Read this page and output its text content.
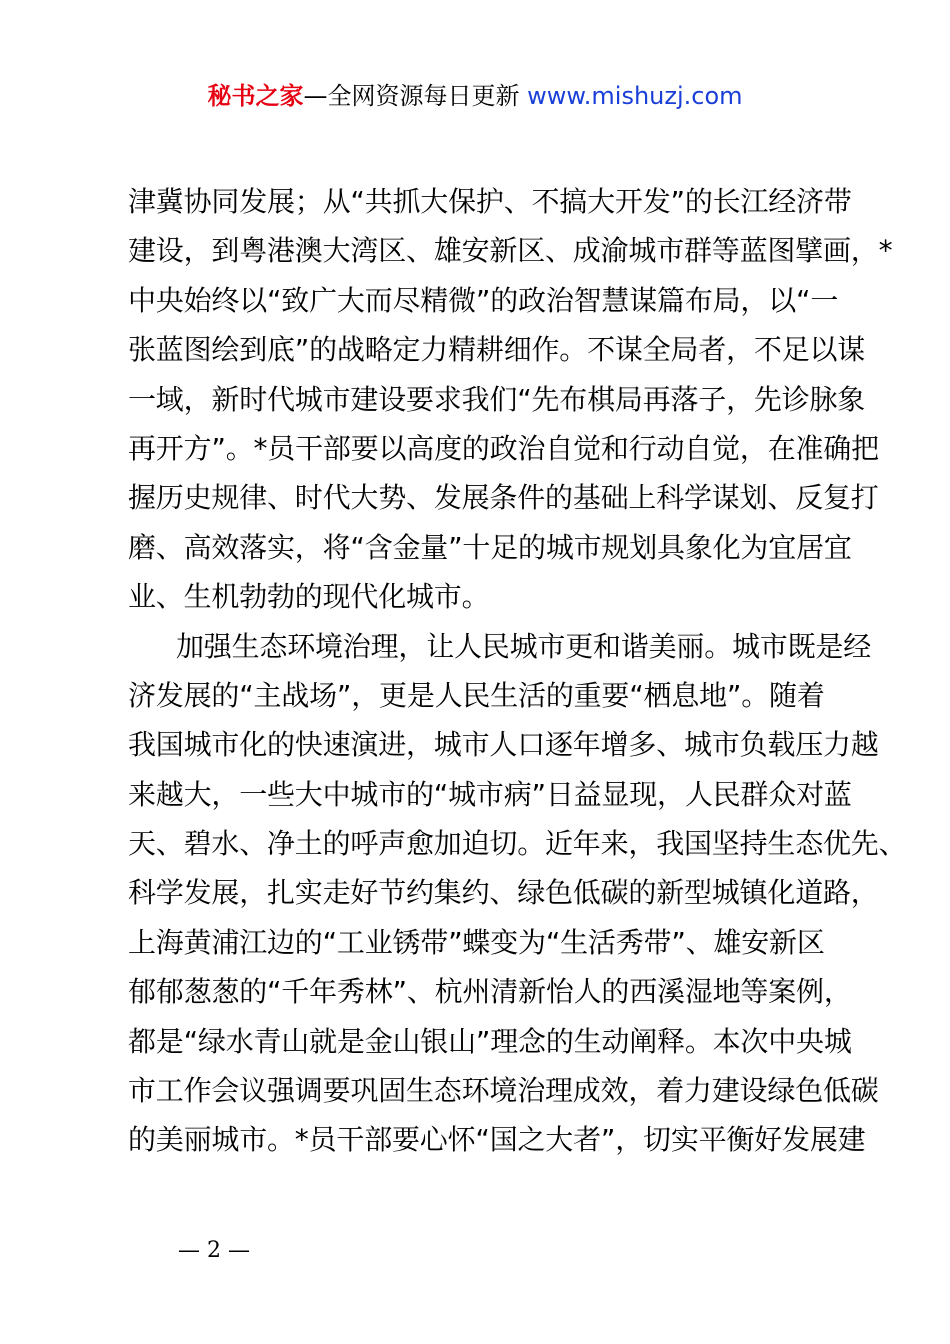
秘书之家—全网资源每日更新 www.mishuzj.com
津冀协同发展；从“共抓大保护、不搞大开发”的长江经济带
建设，到粤港澳大湾区、雄安新区、成渝城市群等蓝图擘画，*
中央始终以“致广大而尽精微”的政治智慧谋篇布局，以“一
张蓝图绘到底”的战略定力精耕细作。不谋全局者，不足以谋
一域，新时代城市建设要求我们“先布棋局再落子，先诊脉象
再开方”。*员干部要以高度的政治自觉和行动自觉，在准确把
握历史规律、时代大势、发展条件的基础上科学谋划、反复打
磨、高效落实，将“含金量”十足的城市规划具象化为宜居宜
业、生机勃勃的现代化城市。
加强生态环境治理，让人民城市更和谐美丽。城市既是经
济发展的“主战场”，更是人民生活的重要“栖息地”。随着
我国城市化的快速演进，城市人口逐年增多、城市负载压力越
来越大，一些大中城市的“城市病”日益显现，人民群众对蓝
天、碧水、净土的呼声愈加迫切。近年来，我国坚持生态优先、
科学发展，扎实走好节约集约、绿色低碳的新型城镇化道路，
上海黄浦江边的“工业锈带”蝶变为“生活秀带”、雄安新区
郁郁葱葱的“千年秀林”、杭州清新怡人的西溪湿地等案例，
都是“绿水青山就是金山银山”理念的生动阐释。本次中央城
市工作会议强调要巩固生态环境治理成效，着力建设绿色低碳
的美丽城市。*员干部要心怀“国之大者”，切实平衡好发展建
— 2 —
